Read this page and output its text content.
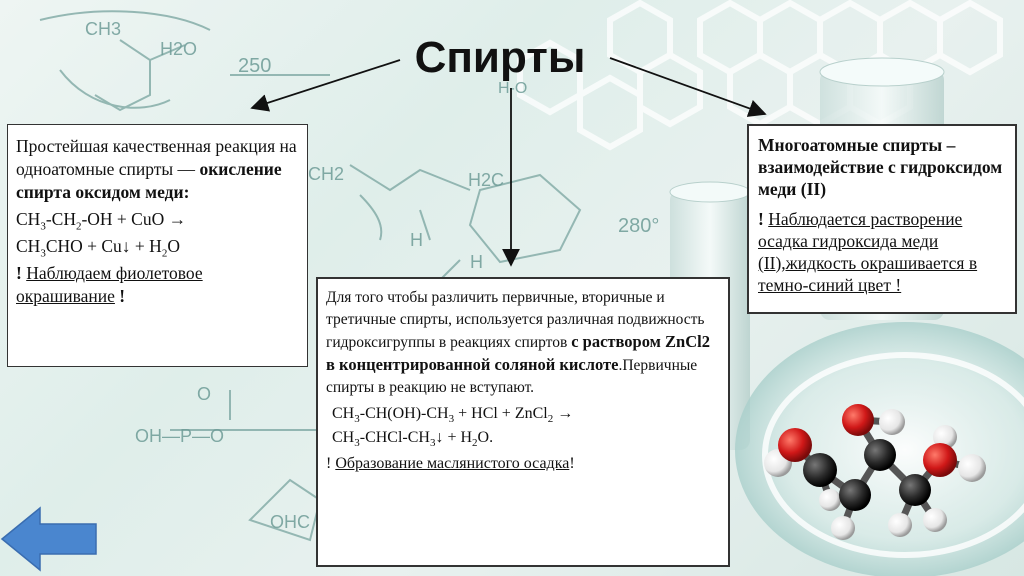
CH3
H2O
250
CH2	H2C
H
H
H-O
280°
OH—P—O
O
OHC
Спирты
Простейшая качественная реакция на одноатомные спирты — окисление спирта оксидом меди:
$CH_3-CH_2-OH$ + CuO →
$CH_3CHO$ + Cu↓ + $H_2O$
! Наблюдаем фиолетовое окрашивание !
Многоатомные спирты – взаимодействие с гидроксидом меди (II)
! Наблюдается растворение осадка гидроксида меди (II),жидкость окрашивается в темно-синий цвет !
Для того чтобы различить первичные, вторичные и третичные спирты, используется различная подвижность гидроксигруппы в реакциях спиртов с раствором ZnCl2 в концентрированной соляной кислоте.Первичные спирты в реакцию не вступают.
$CH_3-CH(OH)-CH_3$ + HCl + ZnCl$_2$ →
$CH_3-CHCl-CH_3↓ + H_2O$.
! Образование маслянистого осадка!
